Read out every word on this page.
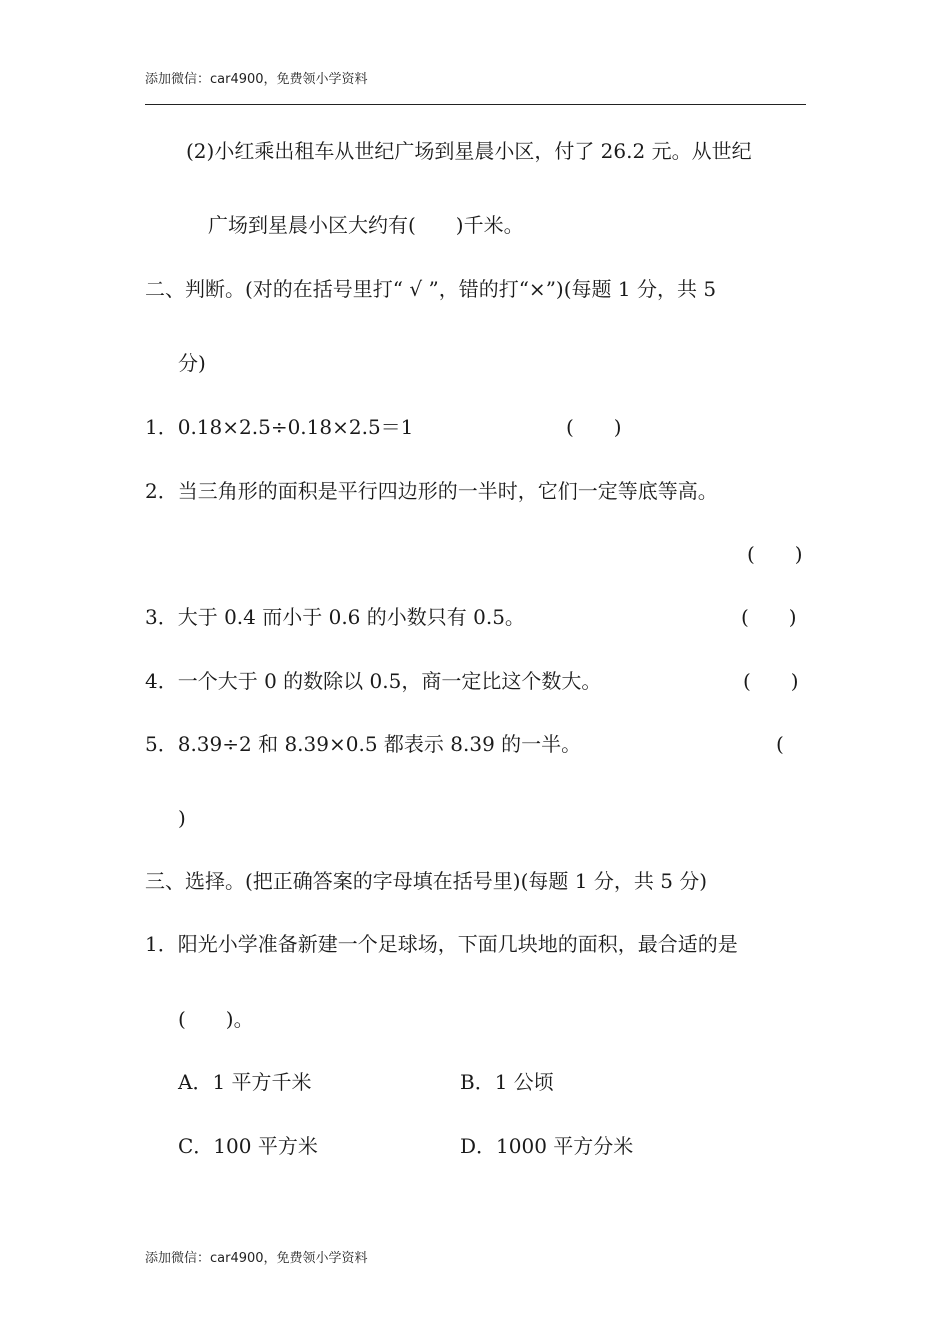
添加微信：car4900，免费领小学资料
(2)小红乘出租车从世纪广场到星晨小区，付了 26.2 元。从世纪
广场到星晨小区大约有(　　)千米。
二、判断。(对的在括号里打“ √ ”，错的打“×”)(每题 1 分，共 5
分)
1．0.18×2.5÷0.18×2.5＝1	(　　)
2．当三角形的面积是平行四边形的一半时，它们一定等底等高。
(　　)
3．大于 0.4 而小于 0.6 的小数只有 0.5。	(　　)
4．一个大于 0 的数除以 0.5，商一定比这个数大。	(　　)
5．8.39÷2 和 8.39×0.5 都表示 8.39 的一半。	(
)
三、选择。(把正确答案的字母填在括号里)(每题 1 分，共 5 分)
1．阳光小学准备新建一个足球场，下面几块地的面积，最合适的是
(　　)。
A．1 平方千米	B．1 公顷
C．100 平方米	D．1000 平方分米
添加微信：car4900，免费领小学资料
